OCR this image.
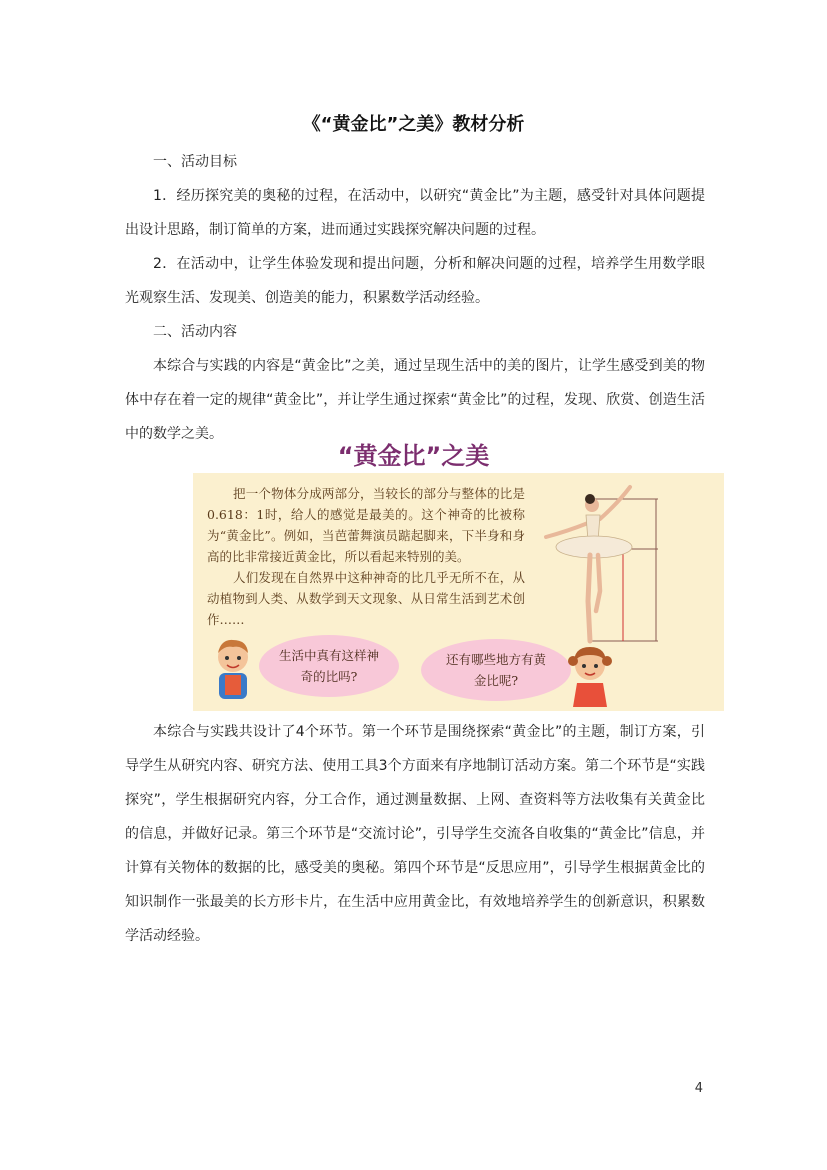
《“黄金比”之美》教材分析
一、活动目标
1．经历探究美的奥秘的过程，在活动中，以研究“黄金比”为主题，感受针对具体问题提出设计思路，制订简单的方案，进而通过实践探究解决问题的过程。
2．在活动中，让学生体验发现和提出问题，分析和解决问题的过程，培养学生用数学眼光观察生活、发现美、创造美的能力，积累数学活动经验。
二、活动内容
本综合与实践的内容是“黄金比”之美，通过呈现生活中的美的图片，让学生感受到美的物体中存在着一定的规律“黄金比”，并让学生通过探索“黄金比”的过程，发现、欣赏、创造生活中的数学之美。
“黄金比”之美
把一个物体分成两部分，当较长的部分与整体的比是0.618：1时，给人的感觉是最美的。这个神奇的比被称为“黄金比”。例如，当芭蕾舞演员踮起脚来，下半身和身高的比非常接近黄金比，所以看起来特别的美。
人们发现在自然界中这种神奇的比几乎无所不在，从动植物到人类、从数学到天文现象、从日常生活到艺术创作……
生活中真有这样神奇的比吗?
还有哪些地方有黄金比呢?
本综合与实践共设计了4个环节。第一个环节是围绕探索“黄金比”的主题，制订方案，引导学生从研究内容、研究方法、使用工具3个方面来有序地制订活动方案。第二个环节是“实践探究”，学生根据研究内容，分工合作，通过测量数据、上网、查资料等方法收集有关黄金比的信息，并做好记录。第三个环节是“交流讨论”，引导学生交流各自收集的“黄金比”信息，并计算有关物体的数据的比，感受美的奥秘。第四个环节是“反思应用”，引导学生根据黄金比的知识制作一张最美的长方形卡片，在生活中应用黄金比，有效地培养学生的创新意识，积累数学活动经验。
4
